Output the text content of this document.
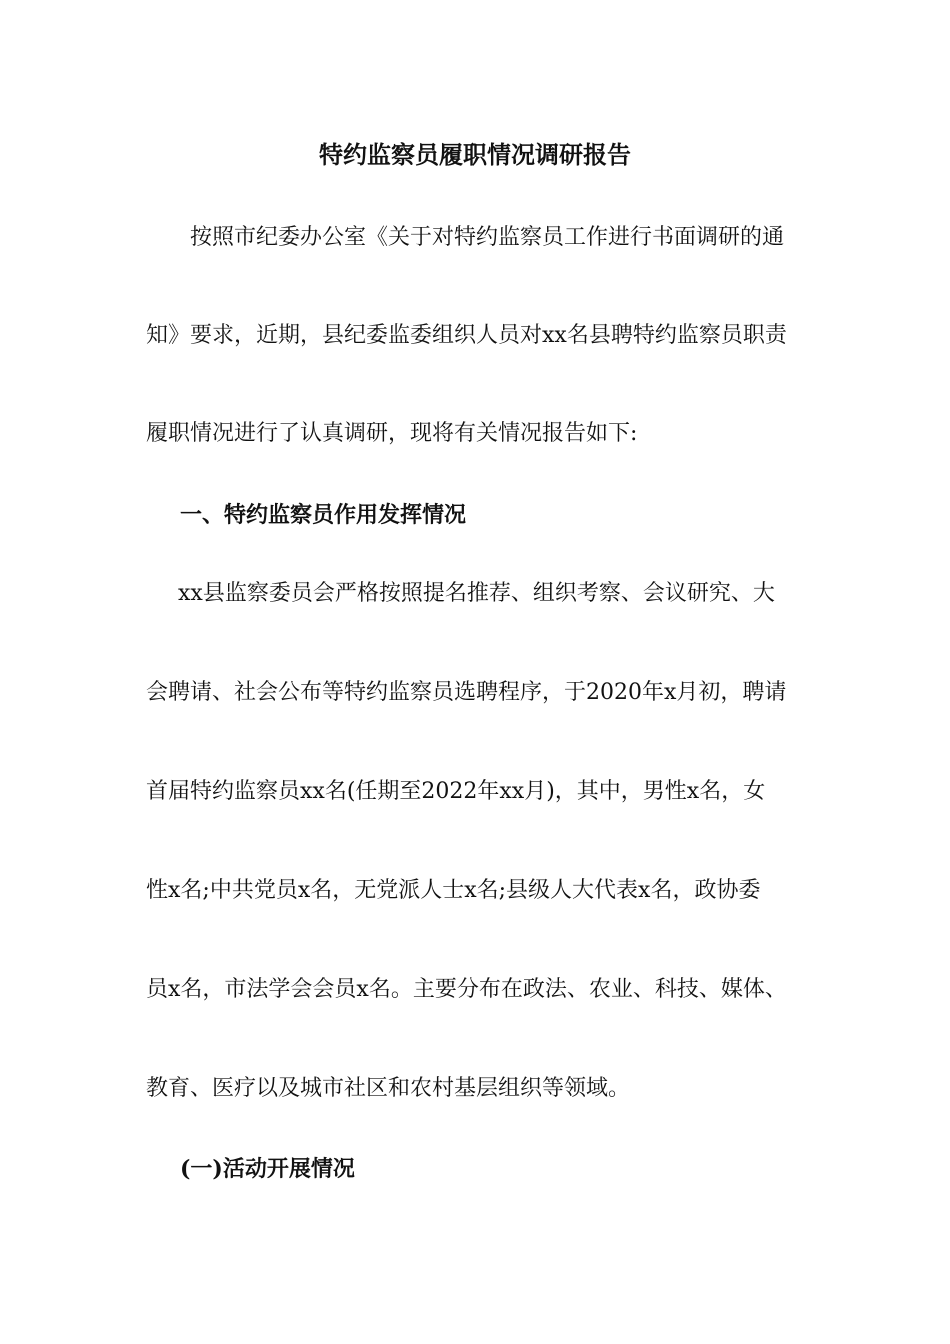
特约监察员履职情况调研报告
按照市纪委办公室《关于对特约监察员工作进行书面调研的通
知》要求，近期，县纪委监委组织人员对xx名县聘特约监察员职责
履职情况进行了认真调研，现将有关情况报告如下:
一、特约监察员作用发挥情况
xx县监察委员会严格按照提名推荐、组织考察、会议研究、大
会聘请、社会公布等特约监察员选聘程序，于2020年x月初，聘请
首届特约监察员xx名(任期至2022年xx月)，其中，男性x名，女
性x名;中共党员x名，无党派人士x名;县级人大代表x名，政协委
员x名，市法学会会员x名。主要分布在政法、农业、科技、媒体、
教育、医疗以及城市社区和农村基层组织等领域。
(一)活动开展情况
